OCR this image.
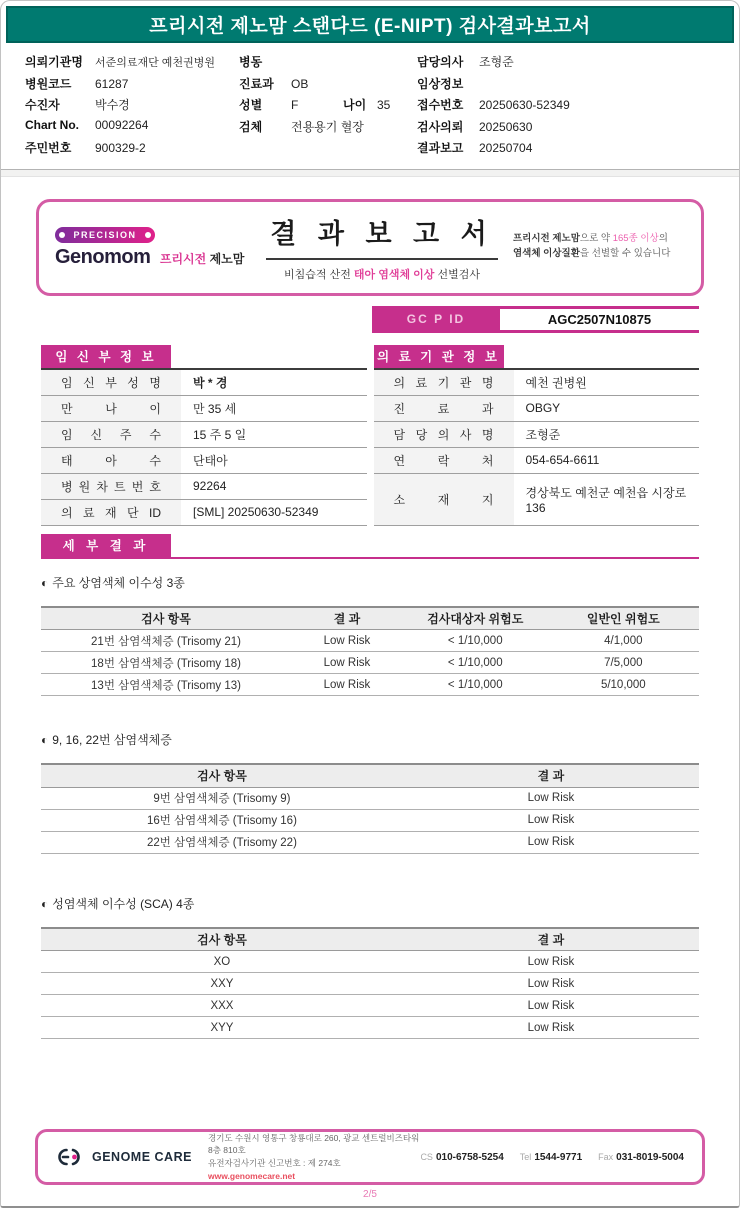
프리시전 제노맘 스탠다드 (E-NIPT) 검사결과보고서
의뢰기관명	서준의료재단 예천권병원
병원코드	61287
수진자	박수경
Chart No.	00092264
주민번호	900329-2
병동
진료과	OB
성별	F	나이 35
검체	전용용기 혈장
담당의사	조형준
임상정보
접수번호	20250630-52349
검사의뢰	20250630
결과보고	20250704
PRECISION
Genomom 프리시전 제노맘
결 과 보 고 서
비침습적 산전 태아 염색체 이상 선별검사
프리시전 제노맘으로 약 165종 이상의
염색체 이상질환을 선별할 수 있습니다
GC P ID	AGC2507N10875
임 신 부 정 보
임 신 부 성 명	박 * 경
만 나 이	만 35 세
임 신 주 수	15 주 5 일
태 아 수	단태아
병 원 차 트 번 호	92264
의 료 재 단 ID	[SML] 20250630-52349
의 료 기 관 정 보
의 료 기 관 명	예천 권병원
진 료 과	OBGY
담 당 의 사 명	조형준
연 락 처	054-654-6611
소 재 지	경상북도 예천군 예천읍 시장로 136
세 부 결 과
◐ 주요 상염색체 이수성 3종
검사 항목	결 과	검사대상자 위험도	일반인 위험도
21번 삼염색체증 (Trisomy 21)	Low Risk	< 1/10,000	4/1,000
18번 삼염색체증 (Trisomy 18)	Low Risk	< 1/10,000	7/5,000
13번 삼염색체증 (Trisomy 13)	Low Risk	< 1/10,000	5/10,000
◐ 9, 16, 22번 삼염색체증
검사 항목	결 과
9번 삼염색체증 (Trisomy 9)	Low Risk
16번 삼염색체증 (Trisomy 16)	Low Risk
22번 삼염색체증 (Trisomy 22)	Low Risk
◐ 성염색체 이수성 (SCA) 4종
검사 항목	결 과
XO	Low Risk
XXY	Low Risk
XXX	Low Risk
XYY	Low Risk
GENOME CARE
경기도 수원시 영통구 창룡대로 260, 광교 센트럴비즈타워 8층 810호
유전자검사기관 신고번호 : 제 274호
www.genomecare.net
CS 010-6758-5254 Tel 1544-9771 Fax 031-8019-5004
2/5
